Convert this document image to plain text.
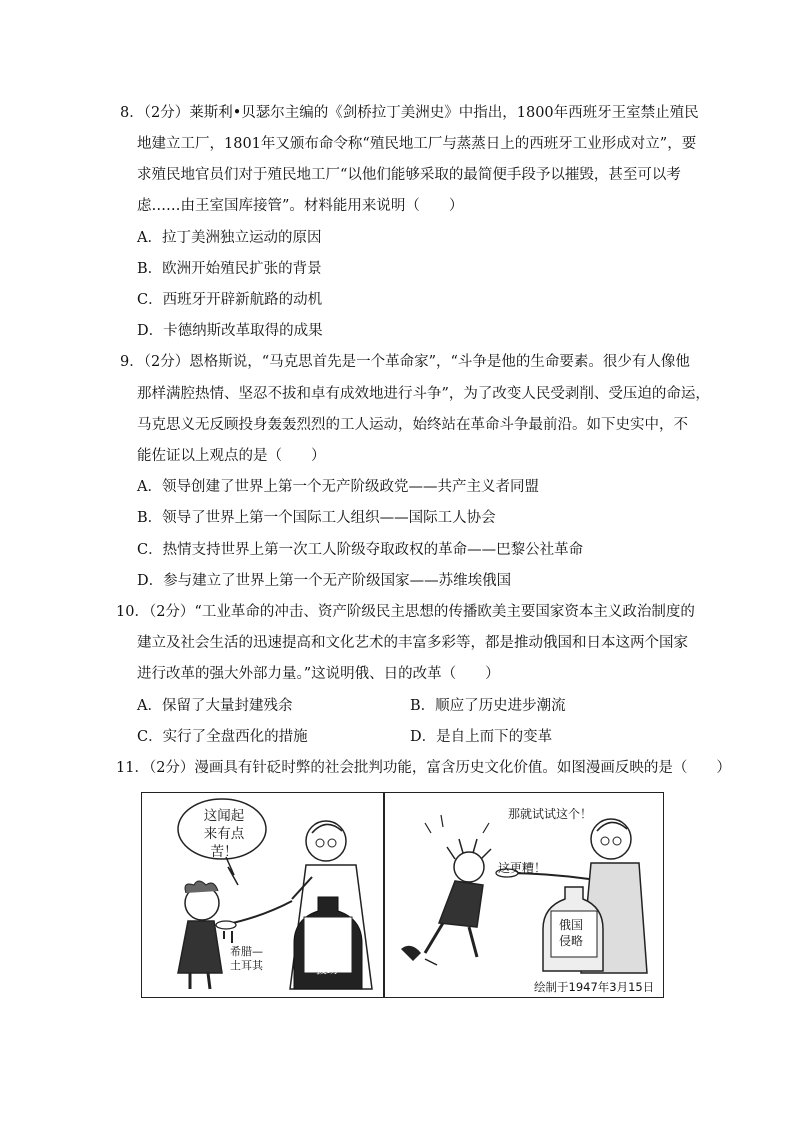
8．（2分）莱斯利•贝瑟尔主编的《剑桥拉丁美洲史》中指出，1800年西班牙王室禁止殖民
地建立工厂，1801年又颁布命令称“殖民地工厂与蒸蒸日上的西班牙工业形成对立”，要
求殖民地官员们对于殖民地工厂“以他们能够采取的最简便手段予以摧毁，甚至可以考
虑……由王室国库接管”。材料能用来说明（　　）
A．拉丁美洲独立运动的原因
B．欧洲开始殖民扩张的背景
C．西班牙开辟新航路的动机
D．卡德纳斯改革取得的成果
9．（2分）恩格斯说，“马克思首先是一个革命家”，“斗争是他的生命要素。很少有人像他
那样满腔热情、坚忍不拔和卓有成效地进行斗争”，为了改变人民受剥削、受压迫的命运，
马克思义无反顾投身轰轰烈烈的工人运动，始终站在革命斗争最前沿。如下史实中，不
能佐证以上观点的是（　　）
A．领导创建了世界上第一个无产阶级政党——共产主义者同盟
B．领导了世界上第一个国际工人组织——国际工人协会
C．热情支持世界上第一次工人阶级夺取政权的革命——巴黎公社革命
D．参与建立了世界上第一个无产阶级国家——苏维埃俄国
10．（2分）“工业革命的冲击、资产阶级民主思想的传播欧美主要国家资本主义政治制度的
建立及社会生活的迅速提高和文化艺术的丰富多彩等，都是推动俄国和日本这两个国家
进行改革的强大外部力量。”这说明俄、日的改革（　　）
A．保留了大量封建残余	B．顺应了历史进步潮流
C．实行了全盘西化的措施	D．是自上而下的变革
11．（2分）漫画具有针砭时弊的社会批判功能，富含历史文化价值。如图漫画反映的是（　　）
这闻起来有点苦！
对希腊和土耳其期的援助
希腊—土耳其
那就试试这个！
这更糟！
俄国侵略
绘制于1947年3月15日
